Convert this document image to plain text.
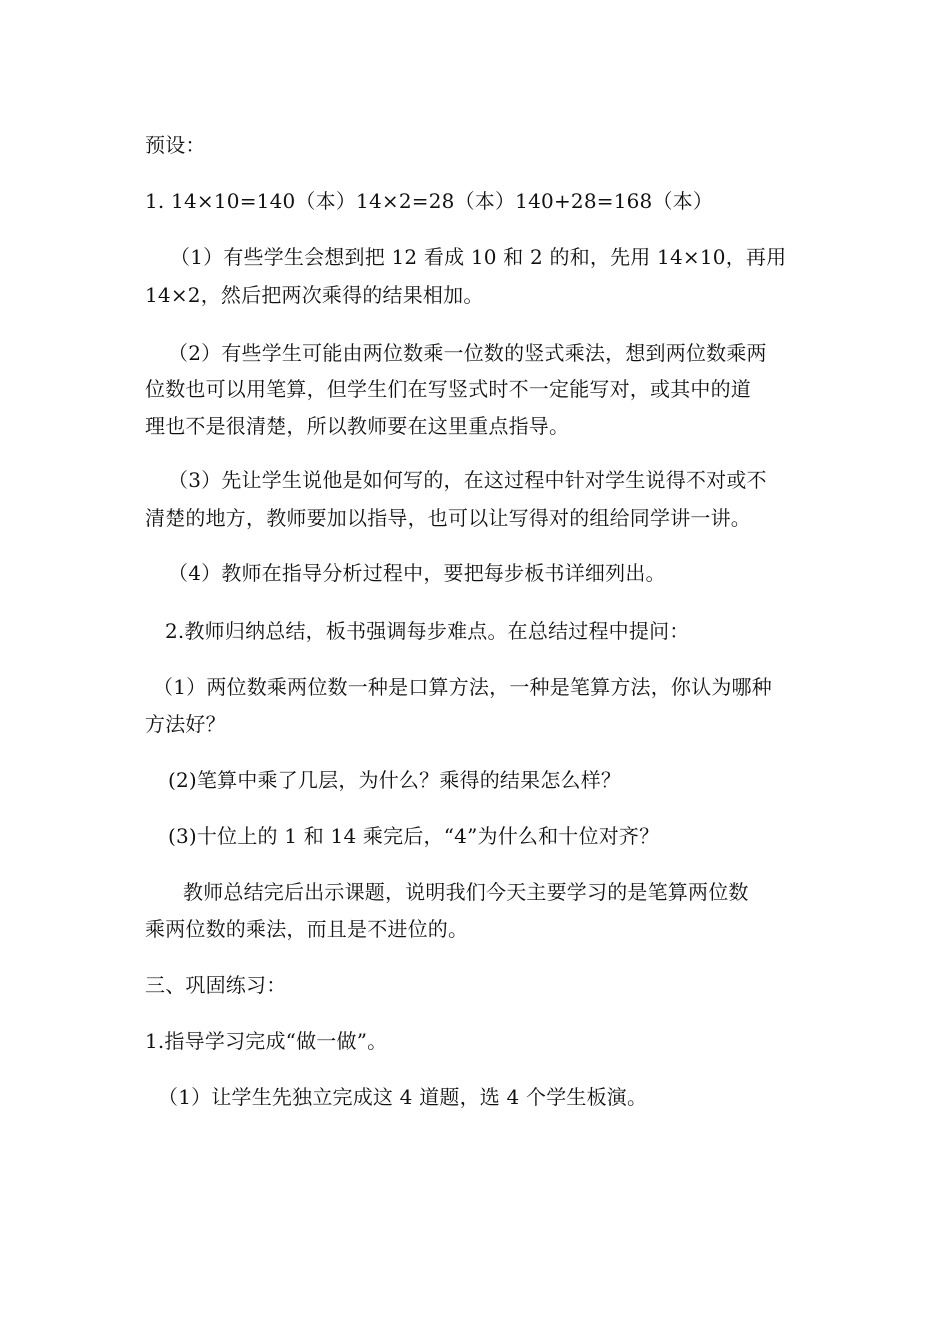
预设：
1. 14×10=140（本）14×2=28（本）140+28=168（本）
（1）有些学生会想到把 12 看成 10 和 2 的和，先用 14×10，再用
14×2，然后把两次乘得的结果相加。
（2）有些学生可能由两位数乘一位数的竖式乘法，想到两位数乘两
位数也可以用笔算，但学生们在写竖式时不一定能写对，或其中的道
理也不是很清楚，所以教师要在这里重点指导。
（3）先让学生说他是如何写的，在这过程中针对学生说得不对或不
清楚的地方，教师要加以指导，也可以让写得对的组给同学讲一讲。
（4）教师在指导分析过程中，要把每步板书详细列出。
2.教师归纳总结，板书强调每步难点。在总结过程中提问：
（1）两位数乘两位数一种是口算方法，一种是笔算方法，你认为哪种
方法好？
(2)笔算中乘了几层，为什么？乘得的结果怎么样？
(3)十位上的 1 和 14 乘完后，“4”为什么和十位对齐？
教师总结完后出示课题，说明我们今天主要学习的是笔算两位数
乘两位数的乘法，而且是不进位的。
三、巩固练习：
1.指导学习完成“做一做”。
（1）让学生先独立完成这 4 道题，选 4 个学生板演。
